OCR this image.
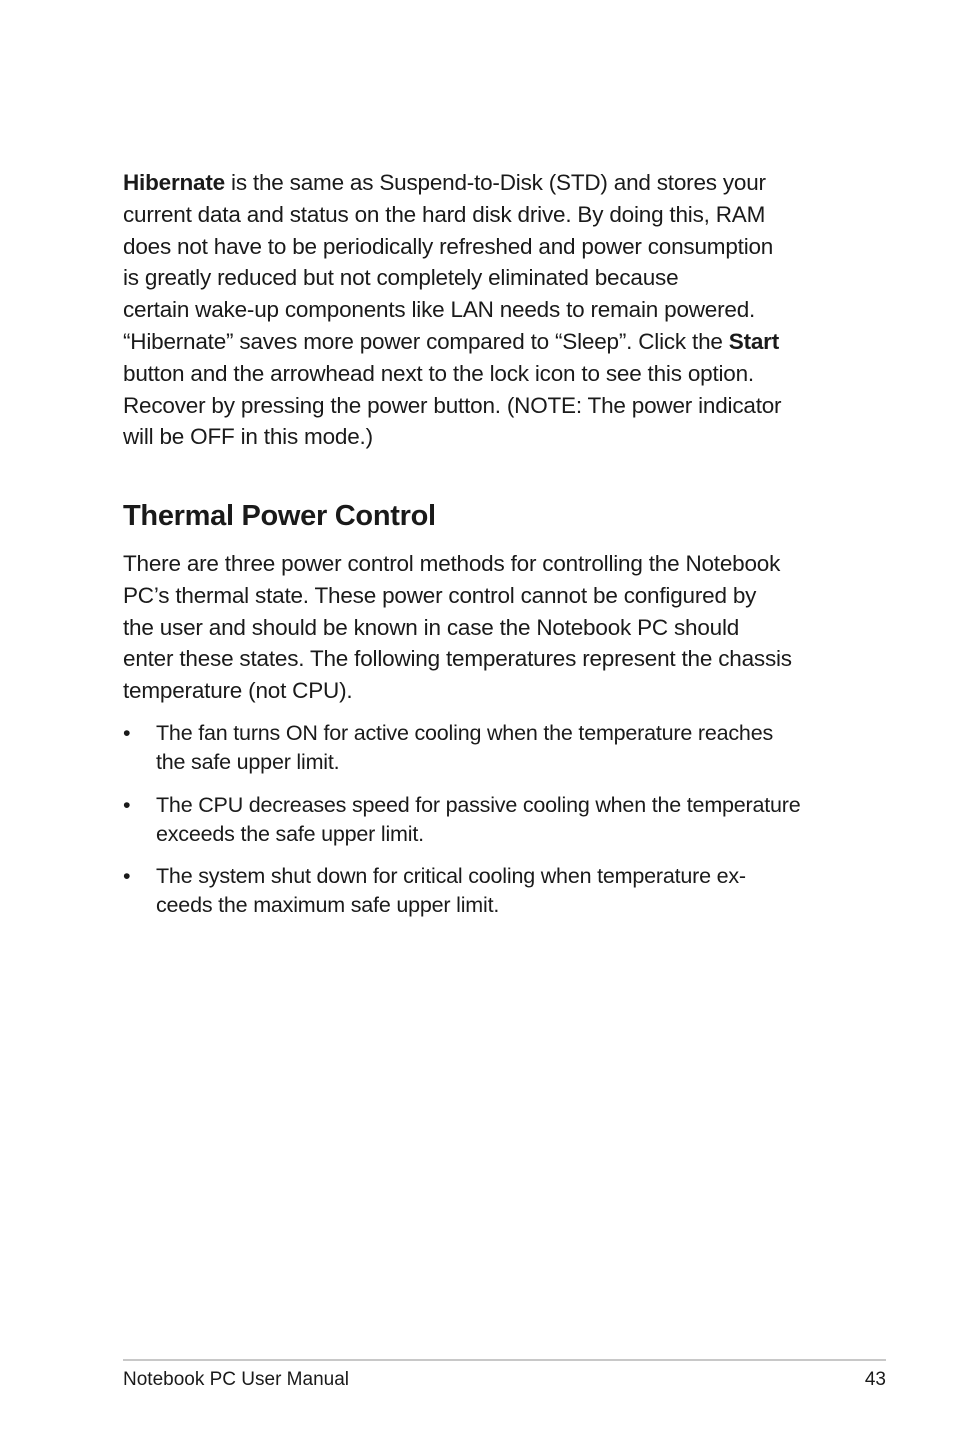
Hibernate is the same as Suspend-to-Disk (STD) and stores your
current data and status on the hard disk drive. By doing this, RAM
does not have to be periodically refreshed and power consumption
is greatly reduced but not completely eliminated because
certain wake-up components like LAN needs to remain powered.
“Hibernate” saves more power compared to “Sleep”. Click the Start
button and the arrowhead next to the lock icon to see this option.
Recover by pressing the power button. (NOTE: The power indicator
will be OFF in this mode.)
Thermal Power Control
There are three power control methods for controlling the Notebook
PC’s thermal state. These power control cannot be configured by
the user and should be known in case the Notebook PC should
enter these states. The following temperatures represent the chassis
temperature (not CPU).
• The fan turns ON for active cooling when the temperature reaches
the safe upper limit.
• The CPU decreases speed for passive cooling when the temperature
exceeds the safe upper limit.
• The system shut down for critical cooling when temperature ex-
ceeds the maximum safe upper limit.
Notebook PC User Manual	43
